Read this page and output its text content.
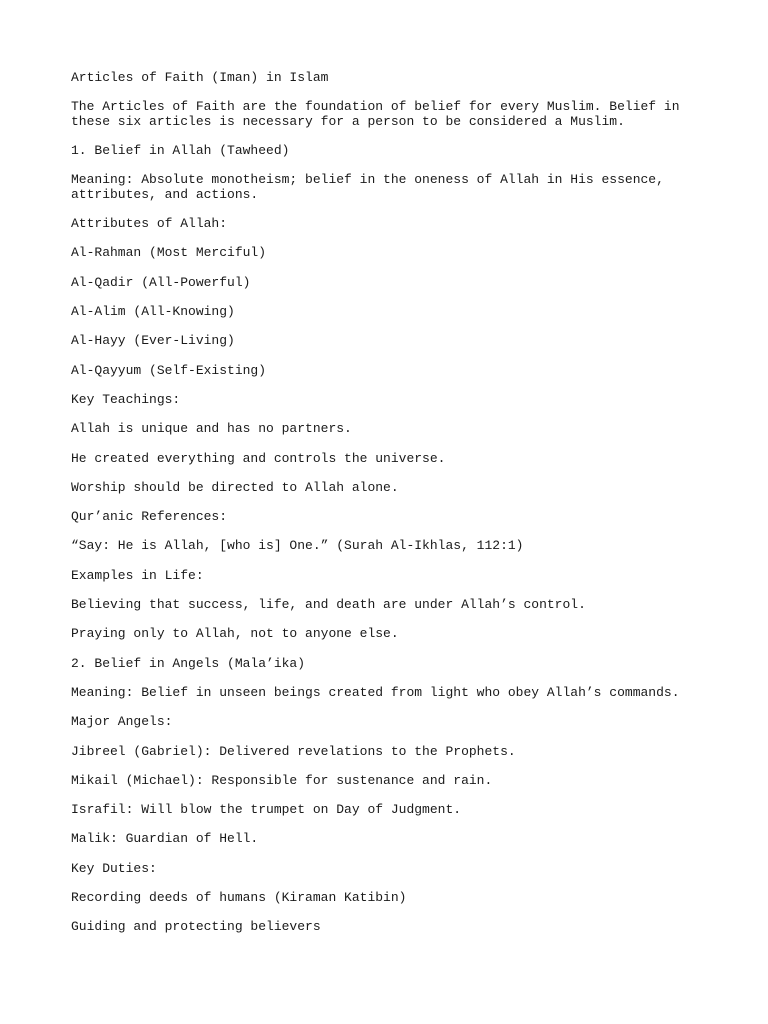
Articles of Faith (Iman) in Islam

The Articles of Faith are the foundation of belief for every Muslim. Belief in these six articles is necessary for a person to be considered a Muslim.

1. Belief in Allah (Tawheed)

Meaning: Absolute monotheism; belief in the oneness of Allah in His essence, attributes, and actions.

Attributes of Allah:

Al-Rahman (Most Merciful)

Al-Qadir (All-Powerful)

Al-Alim (All-Knowing)

Al-Hayy (Ever-Living)

Al-Qayyum (Self-Existing)

Key Teachings:

Allah is unique and has no partners.

He created everything and controls the universe.

Worship should be directed to Allah alone.

Qur’anic References:

“Say: He is Allah, [who is] One.” (Surah Al-Ikhlas, 112:1)

Examples in Life:

Believing that success, life, and death are under Allah’s control.

Praying only to Allah, not to anyone else.

2. Belief in Angels (Mala’ika)

Meaning: Belief in unseen beings created from light who obey Allah’s commands.

Major Angels:

Jibreel (Gabriel): Delivered revelations to the Prophets.

Mikail (Michael): Responsible for sustenance and rain.

Israfil: Will blow the trumpet on Day of Judgment.

Malik: Guardian of Hell.

Key Duties:

Recording deeds of humans (Kiraman Katibin)

Guiding and protecting believers
